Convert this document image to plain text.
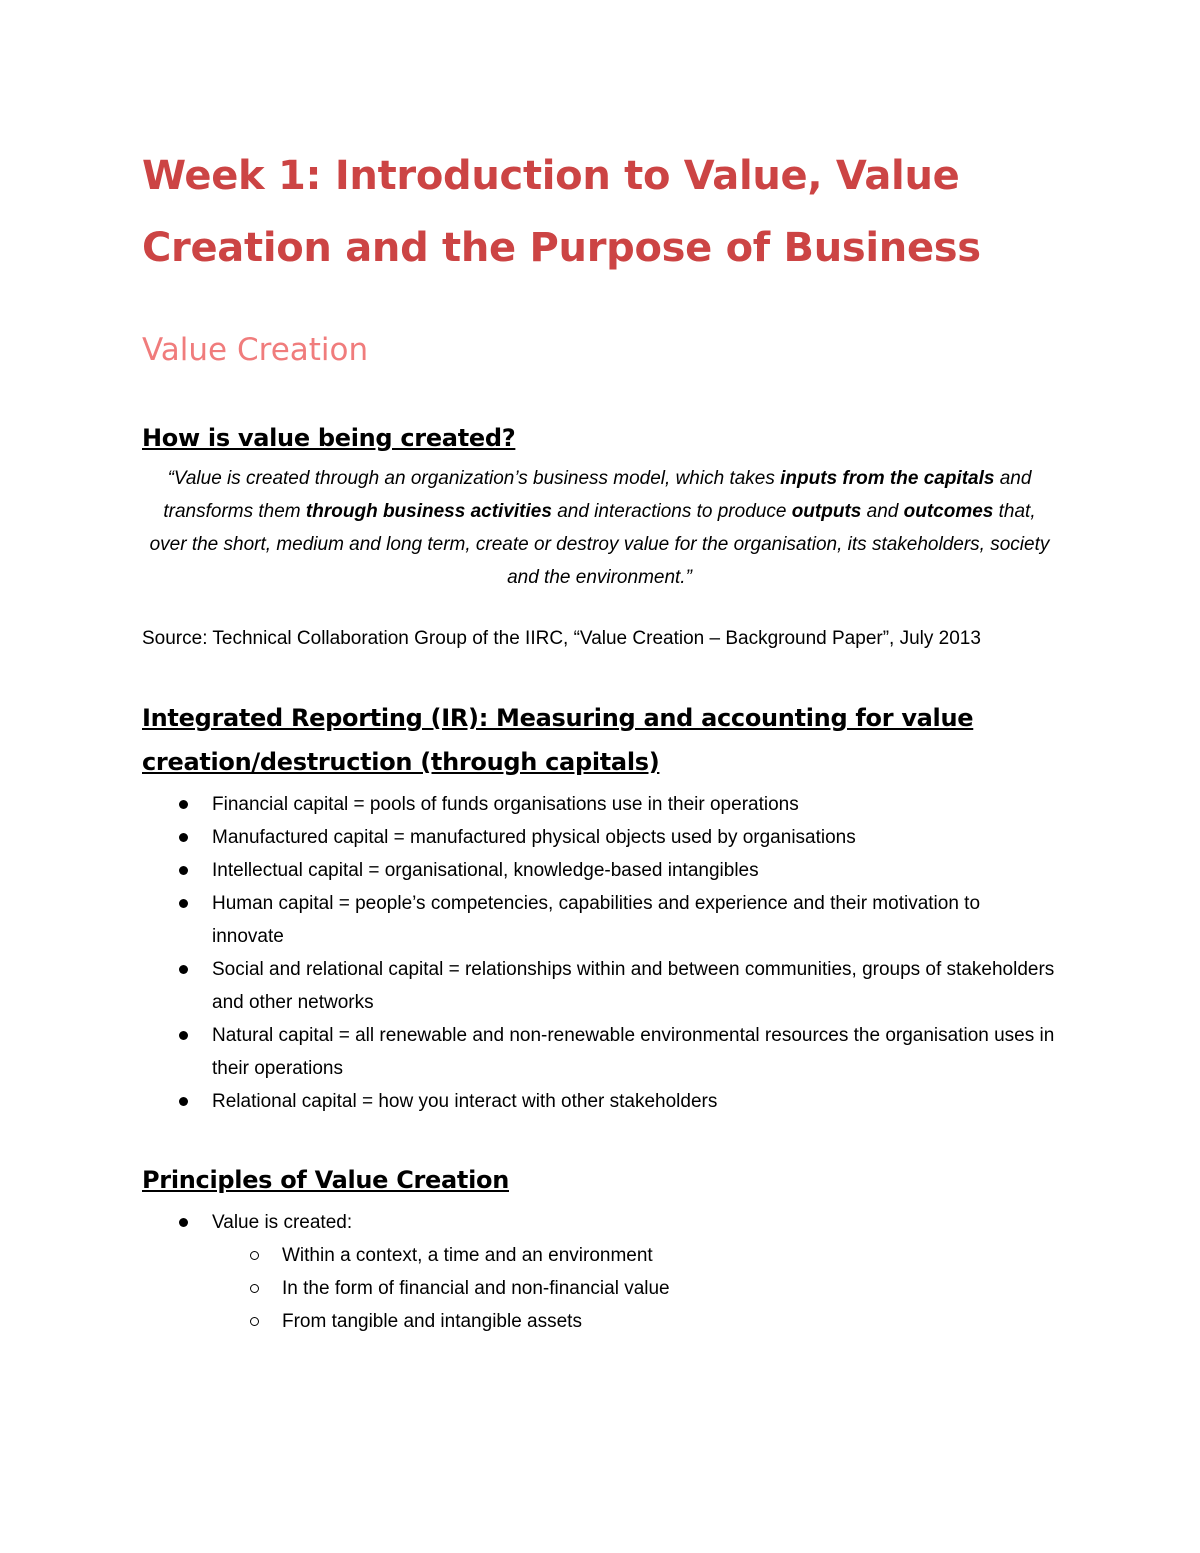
Week 1: Introduction to Value, Value
Creation and the Purpose of Business
Value Creation
How is value being created?

“Value is created through an organization’s business model, which takes inputs from the capitals and transforms them through business activities and interactions to produce outputs and outcomes that, over the short, medium and long term, create or destroy value for the organisation, its stakeholders, society and the environment.”

Source: Technical Collaboration Group of the IIRC, “Value Creation – Background Paper”, July 2013

Integrated Reporting (IR): Measuring and accounting for value creation/destruction (through capitals)
Financial capital = pools of funds organisations use in their operations
Manufactured capital = manufactured physical objects used by organisations
Intellectual capital = organisational, knowledge-based intangibles
Human capital = people’s competencies, capabilities and experience and their motivation to innovate
Social and relational capital = relationships within and between communities, groups of stakeholders and other networks
Natural capital = all renewable and non-renewable environmental resources the organisation uses in their operations
Relational capital = how you interact with other stakeholders
Principles of Value Creation
Value is created:
Within a context, a time and an environment
In the form of financial and non-financial value
From tangible and intangible assets
